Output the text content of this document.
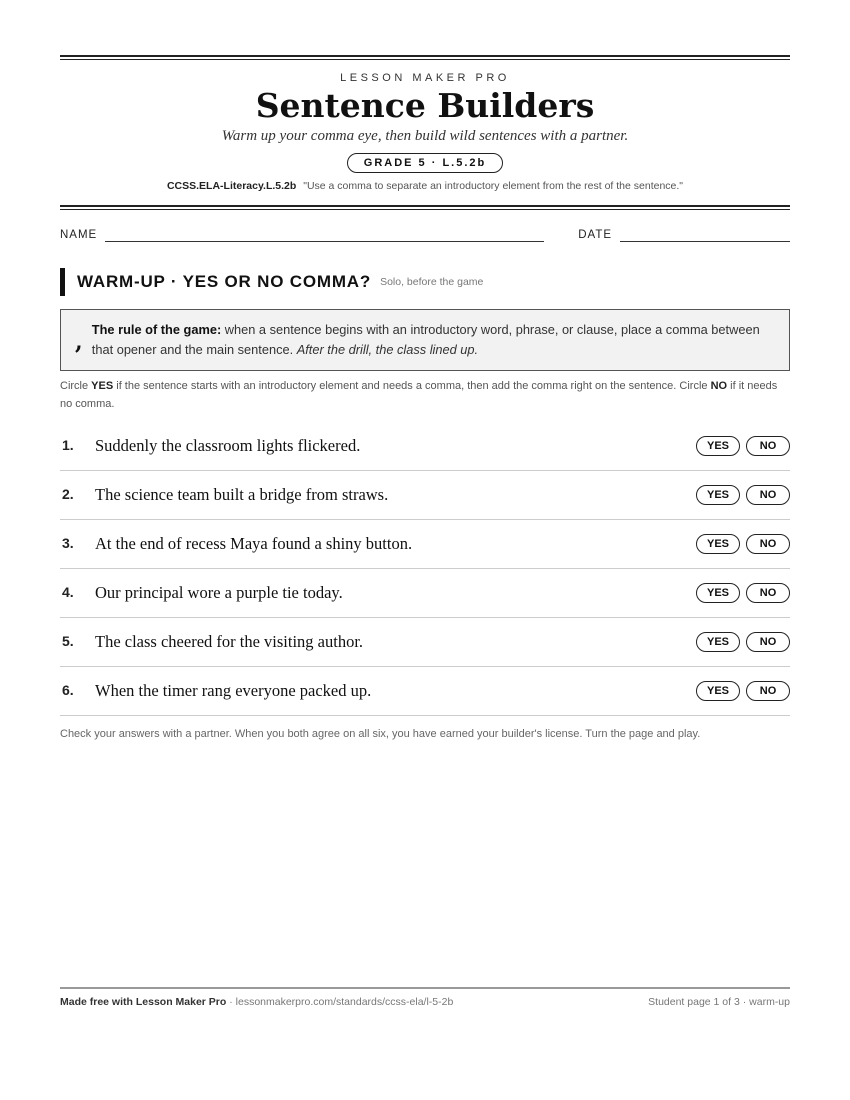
LESSON MAKER PRO
Sentence Builders
Warm up your comma eye, then build wild sentences with a partner.
GRADE 5 · L.5.2b
CCSS.ELA-Literacy.L.5.2b "Use a comma to separate an introductory element from the rest of the sentence."
NAME	DATE
WARM-UP · YES OR NO COMMA? Solo, before the game
, The rule of the game: when a sentence begins with an introductory word, phrase, or clause, place a comma between that opener and the main sentence. After the drill, the class lined up.
Circle YES if the sentence starts with an introductory element and needs a comma, then add the comma right on the sentence. Circle NO if it needs no comma.
1.	Suddenly the classroom lights flickered.	YES	NO
2.	The science team built a bridge from straws.	YES	NO
3.	At the end of recess Maya found a shiny button.	YES	NO
4.	Our principal wore a purple tie today.	YES	NO
5.	The class cheered for the visiting author.	YES	NO
6.	When the timer rang everyone packed up.	YES	NO
Check your answers with a partner. When you both agree on all six, you have earned your builder's license. Turn the page and play.
Made free with Lesson Maker Pro · lessonmakerpro.com/standards/ccss-ela/l-5-2b	Student page 1 of 3 · warm-up
